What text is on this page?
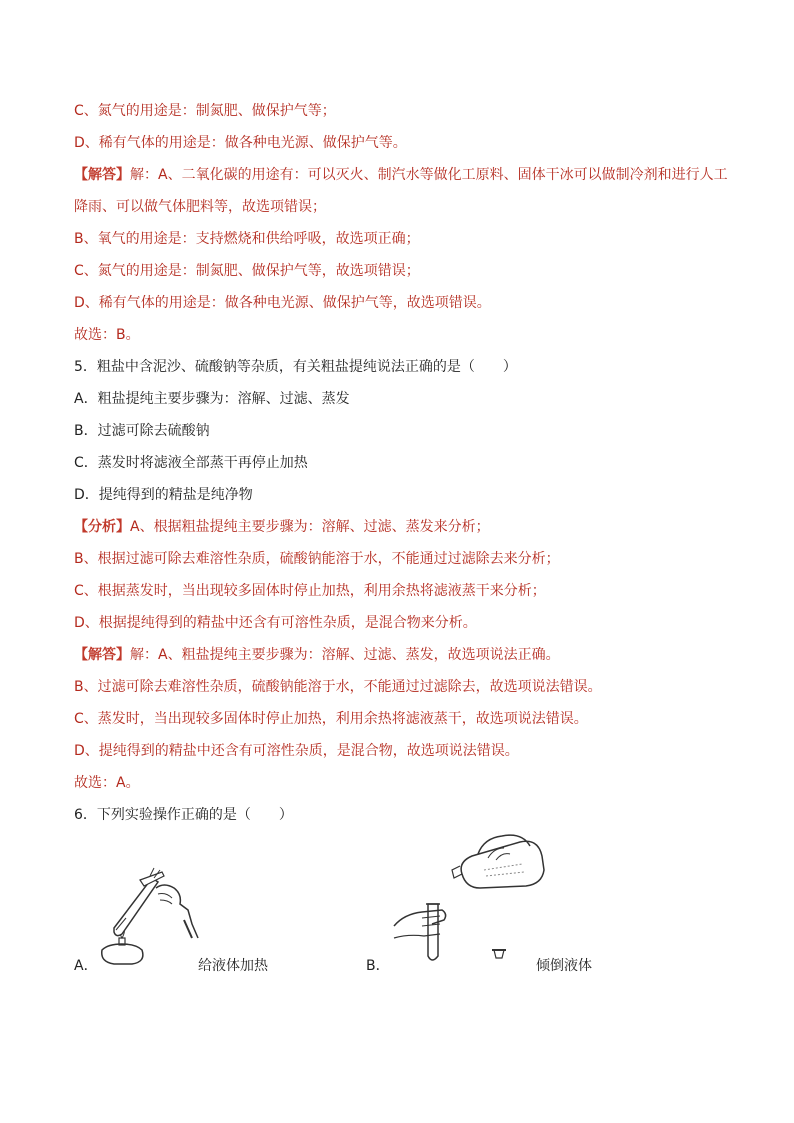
C、氮气的用途是：制氮肥、做保护气等；
D、稀有气体的用途是：做各种电光源、做保护气等。
【解答】解：A、二氧化碳的用途有：可以灭火、制汽水等做化工原料、固体干冰可以做制冷剂和进行人工
降雨、可以做气体肥料等，故选项错误；
B、氧气的用途是：支持燃烧和供给呼吸，故选项正确；
C、氮气的用途是：制氮肥、做保护气等，故选项错误；
D、稀有气体的用途是：做各种电光源、做保护气等，故选项错误。
故选：B。
5．粗盐中含泥沙、硫酸钠等杂质，有关粗盐提纯说法正确的是（　　）
A．粗盐提纯主要步骤为：溶解、过滤、蒸发
B．过滤可除去硫酸钠
C．蒸发时将滤液全部蒸干再停止加热
D．提纯得到的精盐是纯净物
【分析】A、根据粗盐提纯主要步骤为：溶解、过滤、蒸发来分析；
B、根据过滤可除去难溶性杂质，硫酸钠能溶于水，不能通过过滤除去来分析；
C、根据蒸发时，当出现较多固体时停止加热，利用余热将滤液蒸干来分析；
D、根据提纯得到的精盐中还含有可溶性杂质，是混合物来分析。
【解答】解：A、粗盐提纯主要步骤为：溶解、过滤、蒸发，故选项说法正确。
B、过滤可除去难溶性杂质，硫酸钠能溶于水，不能通过过滤除去，故选项说法错误。
C、蒸发时，当出现较多固体时停止加热，利用余热将滤液蒸干，故选项说法错误。
D、提纯得到的精盐中还含有可溶性杂质，是混合物，故选项说法错误。
故选：A。
6．下列实验操作正确的是（　　）
A．	给液体加热	B．	倾倒液体
